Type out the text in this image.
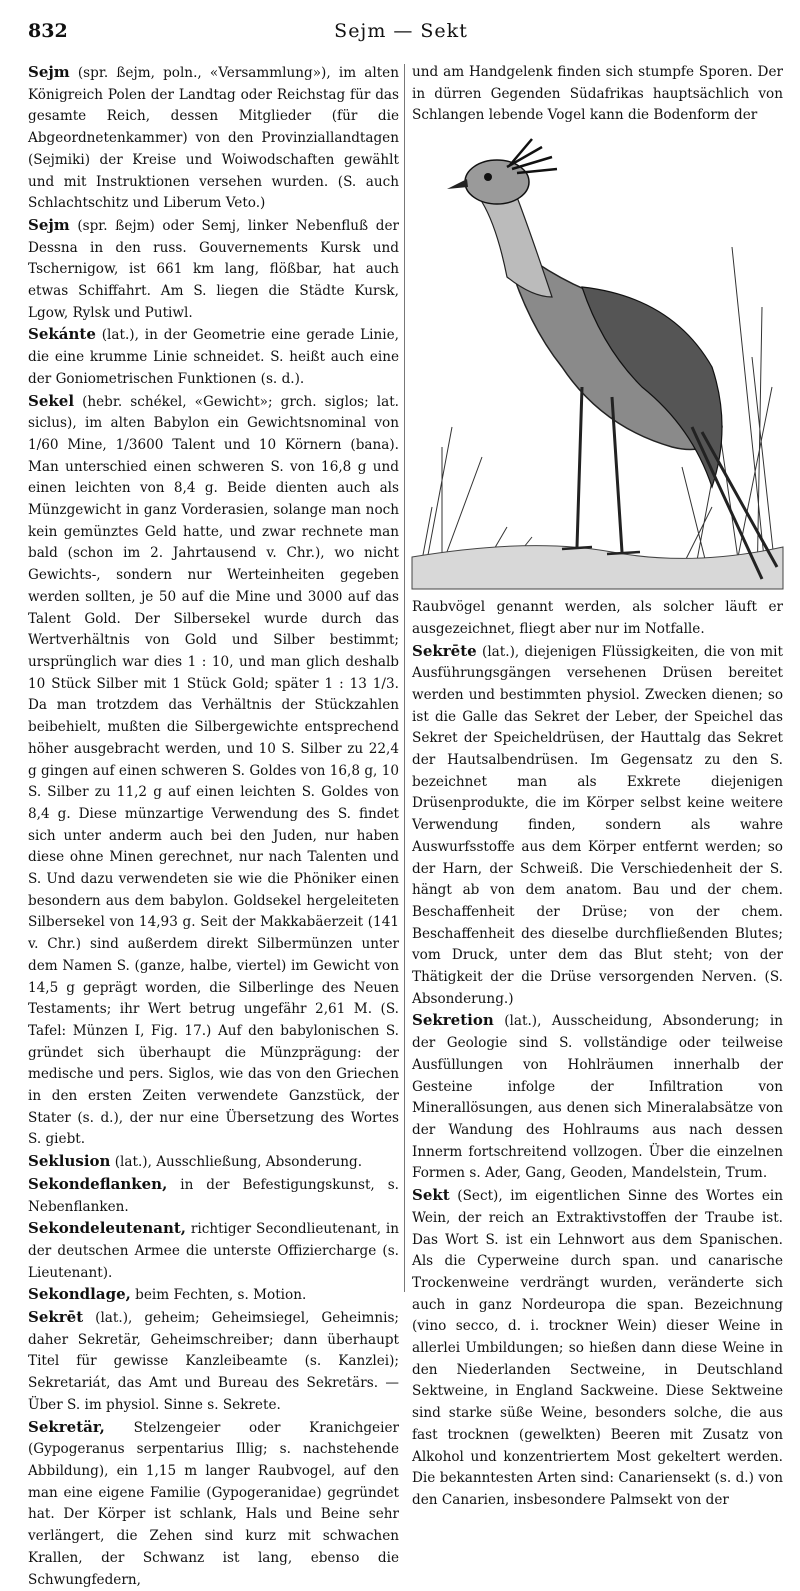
832	Sejm — Sekt

Sejm (spr. ßejm, poln., «Versammlung»), im alten Königreich Polen der Landtag oder Reichstag für das gesamte Reich, dessen Mitglieder (für die Abgeordnetenkammer) von den Provinziallandtagen (Sejmiki) der Kreise und Woiwodschaften gewählt und mit Instruktionen versehen wurden. (S. auch Schlachtschitz und Liberum Veto.)

Sejm (spr. ßejm) oder Semj, linker Nebenfluß der Dessna in den russ. Gouvernements Kursk und Tschernigow, ist 661 km lang, flößbar, hat auch etwas Schiffahrt. Am S. liegen die Städte Kursk, Lgow, Rylsk und Putiwl.

Sekánte (lat.), in der Geometrie eine gerade Linie, die eine krumme Linie schneidet. S. heißt auch eine der Goniometrischen Funktionen (s. d.).

Sekel (hebr. schékel, «Gewicht»; grch. siglos; lat. siclus), im alten Babylon ein Gewichtsnominal von 1/60 Mine, 1/3600 Talent und 10 Körnern (bana). Man unterschied einen schweren S. von 16,8 g und einen leichten von 8,4 g. Beide dienten auch als Münzgewicht in ganz Vorderasien, solange man noch kein gemünztes Geld hatte, und zwar rechnete man bald (schon im 2. Jahrtausend v. Chr.), wo nicht Gewichts-, sondern nur Werteinheiten gegeben werden sollten, je 50 auf die Mine und 3000 auf das Talent Gold. Der Silbersekel wurde durch das Wertverhältnis von Gold und Silber bestimmt; ursprünglich war dies 1 : 10, und man glich deshalb 10 Stück Silber mit 1 Stück Gold; später 1 : 13 1/3. Da man trotzdem das Verhältnis der Stückzahlen beibehielt, mußten die Silbergewichte entsprechend höher ausgebracht werden, und 10 S. Silber zu 22,4 g gingen auf einen schweren S. Goldes von 16,8 g, 10 S. Silber zu 11,2 g auf einen leichten S. Goldes von 8,4 g. Diese münzartige Verwendung des S. findet sich unter anderm auch bei den Juden, nur haben diese ohne Minen gerechnet, nur nach Talenten und S. Und dazu verwendeten sie wie die Phöniker einen besondern aus dem babylon. Goldsekel hergeleiteten Silbersekel von 14,93 g. Seit der Makkabäerzeit (141 v. Chr.) sind außerdem direkt Silbermünzen unter dem Namen S. (ganze, halbe, viertel) im Gewicht von 14,5 g geprägt worden, die Silberlinge des Neuen Testaments; ihr Wert betrug ungefähr 2,61 M. (S. Tafel: Münzen I, Fig. 17.) Auf den babylonischen S. gründet sich überhaupt die Münzprägung: der medische und pers. Siglos, wie das von den Griechen in den ersten Zeiten verwendete Ganzstück, der Stater (s. d.), der nur eine Übersetzung des Wortes S. giebt.

Seklusion (lat.), Ausschließung, Absonderung.

Sekondeflanken, in der Befestigungskunst, s. Nebenflanken.

Sekondeleutenant, richtiger Secondlieutenant, in der deutschen Armee die unterste Offiziercharge (s. Lieutenant).

Sekondlage, beim Fechten, s. Motion.

Sekrēt (lat.), geheim; Geheimsiegel, Geheimnis; daher Sekretär, Geheimschreiber; dann überhaupt Titel für gewisse Kanzleibeamte (s. Kanzlei); Sekretariát, das Amt und Bureau des Sekretärs. — Über S. im physiol. Sinne s. Sekrete.

Sekretär, Stelzengeier oder Kranichgeier (Gypogeranus serpentarius Illig; s. nachstehende Abbildung), ein 1,15 m langer Raubvogel, auf den man eine eigene Familie (Gypogeranidae) gegründet hat. Der Körper ist schlank, Hals und Beine sehr verlängert, die Zehen sind kurz mit schwachen Krallen, der Schwanz ist lang, ebenso die Schwungfedern,

und am Handgelenk finden sich stumpfe Sporen. Der in dürren Gegenden Südafrikas hauptsächlich von Schlangen lebende Vogel kann die Bodenform der

Raubvögel genannt werden, als solcher läuft er ausgezeichnet, fliegt aber nur im Notfalle.

Sekrēte (lat.), diejenigen Flüssigkeiten, die von mit Ausführungsgängen versehenen Drüsen bereitet werden und bestimmten physiol. Zwecken dienen; so ist die Galle das Sekret der Leber, der Speichel das Sekret der Speicheldrüsen, der Hauttalg das Sekret der Hautsalbendrüsen. Im Gegensatz zu den S. bezeichnet man als Exkrete diejenigen Drüsenprodukte, die im Körper selbst keine weitere Verwendung finden, sondern als wahre Auswurfsstoffe aus dem Körper entfernt werden; so der Harn, der Schweiß. Die Verschiedenheit der S. hängt ab von dem anatom. Bau und der chem. Beschaffenheit der Drüse; von der chem. Beschaffenheit des dieselbe durchfließenden Blutes; vom Druck, unter dem das Blut steht; von der Thätigkeit der die Drüse versorgenden Nerven. (S. Absonderung.)

Sekretion (lat.), Ausscheidung, Absonderung; in der Geologie sind S. vollständige oder teilweise Ausfüllungen von Hohlräumen innerhalb der Gesteine infolge der Infiltration von Minerallösungen, aus denen sich Mineralabsätze von der Wandung des Hohlraums aus nach dessen Innerm fortschreitend vollzogen. Über die einzelnen Formen s. Ader, Gang, Geoden, Mandelstein, Trum.

Sekt (Sect), im eigentlichen Sinne des Wortes ein Wein, der reich an Extraktivstoffen der Traube ist. Das Wort S. ist ein Lehnwort aus dem Spanischen. Als die Cyperweine durch span. und canarische Trockenweine verdrängt wurden, veränderte sich auch in ganz Nordeuropa die span. Bezeichnung (vino secco, d. i. trockner Wein) dieser Weine in allerlei Umbildungen; so hießen dann diese Weine in den Niederlanden Sectweine, in Deutschland Sektweine, in England Sackweine. Diese Sektweine sind starke süße Weine, besonders solche, die aus fast trocknen (gewelkten) Beeren mit Zusatz von Alkohol und konzentriertem Most gekeltert werden. Die bekanntesten Arten sind: Canariensekt (s. d.) von den Canarien, insbesondere Palmsekt von der
